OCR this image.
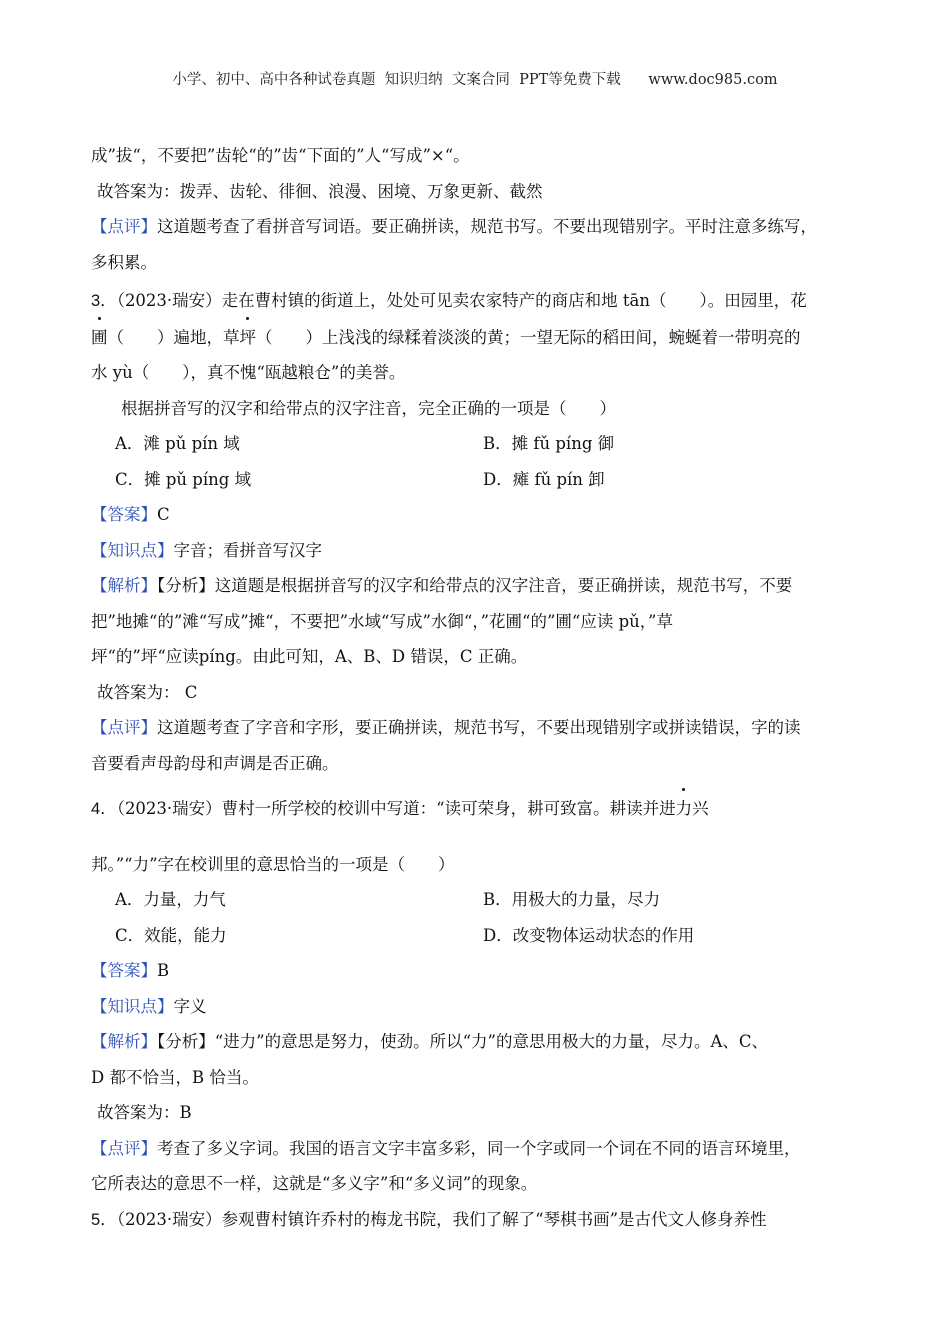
小学、初中、高中各种试卷真题  知识归纳  文案合同  PPT等免费下载      www.doc985.com

成”拔“，不要把”齿轮“的”齿“下面的”人“写成”×“。

故答案为：拨弄、齿轮、徘徊、浪漫、困境、万象更新、截然

【点评】这道题考查了看拼音写词语。要正确拼读，规范书写。不要出现错别字。平时注意多练写，

多积累。

3．（2023·瑞安）走在曹村镇的街道上，处处可见卖农家特产的商店和地 tān（　　）。田园里，花

圃（　　）遍地，草坪（　　）上浅浅的绿糅着淡淡的黄；一望无际的稻田间，蜿蜒着一带明亮的

水 yù（　　），真不愧“瓯越粮仓”的美誉。

根据拼音写的汉字和给带点的汉字注音，完全正确的一项是（　　）

A．滩 pǔ pín 域	B．摊 fǔ píng 御
C．摊 pǔ píng 域	D．瘫 fǔ pín 卸

【答案】C

【知识点】字音；看拼音写汉字

【解析】【分析】这道题是根据拼音写的汉字和给带点的汉字注音，要正确拼读，规范书写，不要

把”地摊“的”滩“写成”摊“，不要把”水域“写成”水御“，”花圃“的”圃“应读 pǔ，”草

坪“的”坪“应读píng。由此可知，A、B、D 错误，C 正确。

故答案为： C

【点评】这道题考查了字音和字形，要正确拼读，规范书写，不要出现错别字或拼读错误，字的读

音要看声母韵母和声调是否正确。

4．（2023·瑞安）曹村一所学校的校训中写道：“读可荣身，耕可致富。耕读并进力兴

邦。”“力”字在校训里的意思恰当的一项是（　　）

A．力量，力气	B．用极大的力量，尽力
C．效能，能力	D．改变物体运动状态的作用

【答案】B

【知识点】字义

【解析】【分析】“进力”的意思是努力，使劲。所以“力”的意思用极大的力量，尽力。A、C、

D 都不恰当，B 恰当。

故答案为：B

【点评】考查了多义字词。我国的语言文字丰富多彩，同一个字或同一个词在不同的语言环境里，

它所表达的意思不一样，这就是“多义字”和“多义词”的现象。

5．（2023·瑞安）参观曹村镇许乔村的梅龙书院，我们了解了“琴棋书画”是古代文人修身养性
